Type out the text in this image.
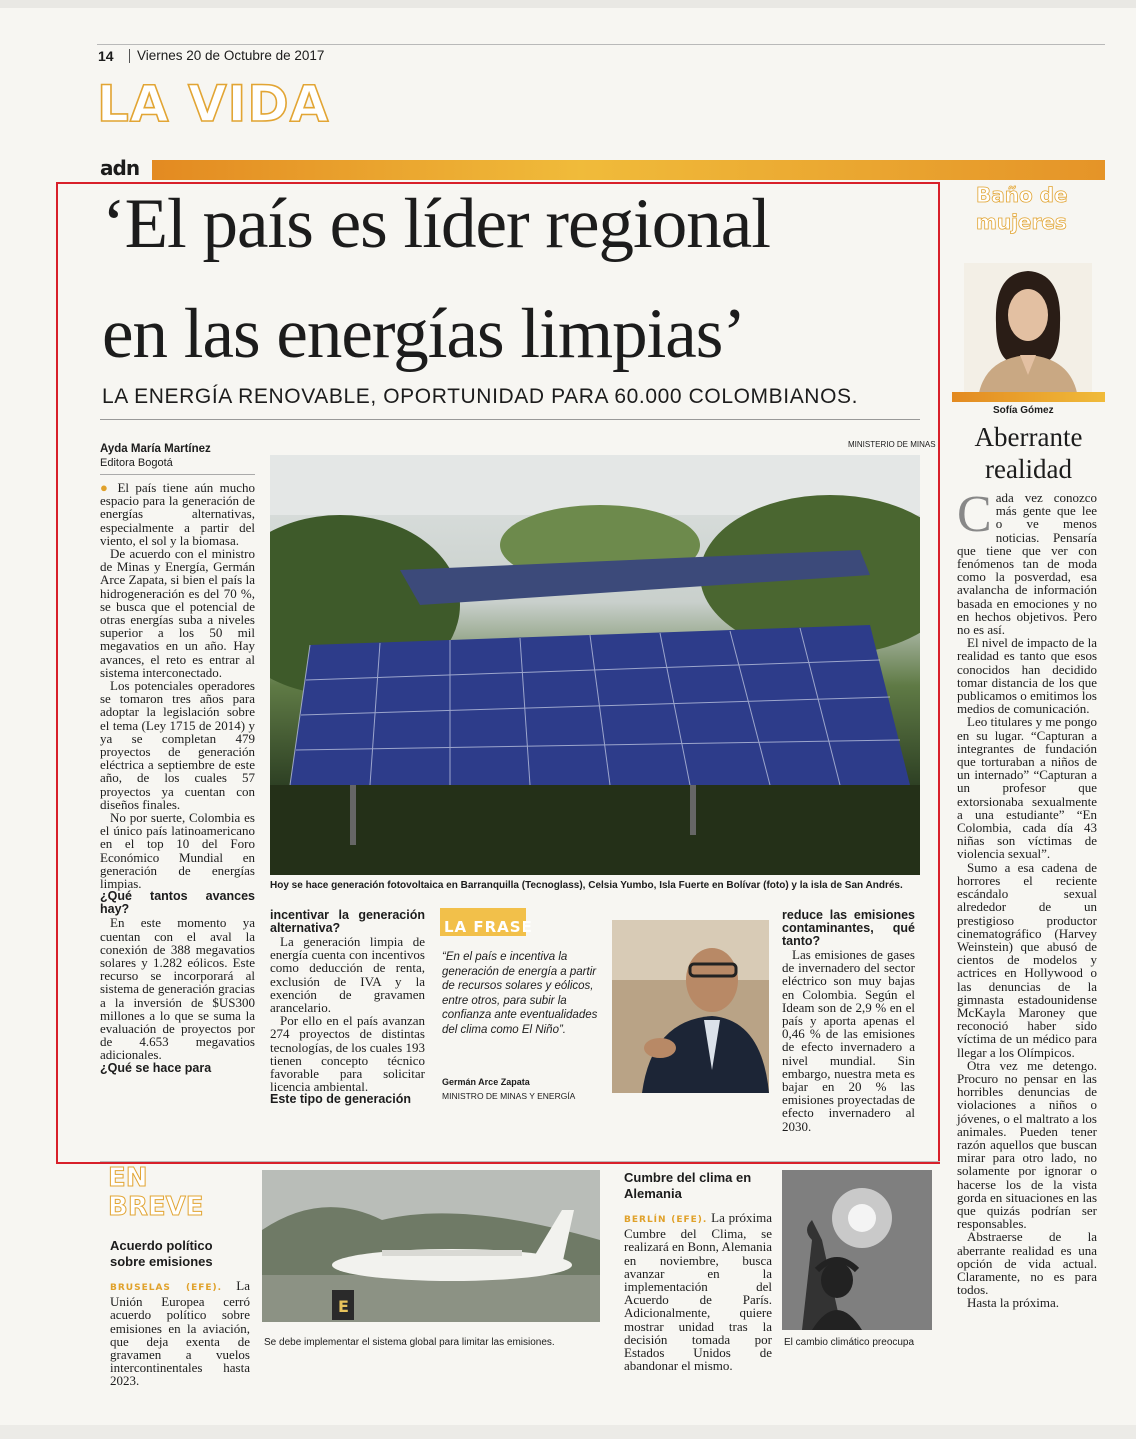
14 Viernes 20 de Octubre de 2017
LA VIDA
adn
‘El país es líder regional
en las energías limpias’
LA ENERGÍA RENOVABLE, OPORTUNIDAD PARA 60.000 COLOMBIANOS.
Ayda María Martínez
Editora Bogotá

● El país tiene aún mucho espacio para la generación de energías alternativas, especialmente a partir del viento, el sol y la biomasa.

De acuerdo con el ministro de Minas y Energía, Germán Arce Zapata, si bien el país la hidrogeneración es del 70 %, se busca que el potencial de otras energías suba a niveles superior a los 50 mil megavatios en un año. Hay avances, el reto es entrar al sistema interconectado.

Los potenciales operadores se tomaron tres años para adoptar la legislación sobre el tema (Ley 1715 de 2014) y ya se completan 479 proyectos de generación eléctrica a septiembre de este año, de los cuales 57 proyectos ya cuentan con diseños finales.

No por suerte, Colombia es el único país latinoamericano en el top 10 del Foro Económico Mundial en generación de energías limpias.

¿Qué tantos avances hay?

En este momento ya cuentan con el aval la conexión de 388 megavatios solares y 1.282 eólicos. Este recurso se incorporará al sistema de generación gracias a la inversión de $US300 millones a lo que se suma la evaluación de proyectos por de 4.653 megavatios adicionales.

¿Qué se hace para
MINISTERIO DE MINAS
Hoy se hace generación fotovoltaica en Barranquilla (Tecnoglass), Celsia Yumbo, Isla Fuerte en Bolívar (foto) y la isla de San Andrés.
incentivar la generación alternativa?

La generación limpia de energía cuenta con incentivos como deducción de renta, exclusión de IVA y la exención de gravamen arancelario.

Por ello en el país avanzan 274 proyectos de distintas tecnologías, de los cuales 193 tienen concepto técnico favorable para solicitar licencia ambiental.

Este tipo de generación
LA FRASE
“En el país e incentiva la generación de energía a partir de recursos solares y eólicos, entre otros, para subir la confianza ante eventualidades del clima como El Niño”.
Germán Arce Zapata
MINISTRO DE MINAS Y ENERGÍA
reduce las emisiones contaminantes, qué tanto?

Las emisiones de gases de invernadero del sector eléctrico son muy bajas en Colombia. Según el Ideam son de 2,9 % en el país y aporta apenas el 0,46 % de las emisiones de efecto invernadero a nivel mundial. Sin embargo, nuestra meta es bajar en 20 % las emisiones proyectadas de efecto invernadero al 2030.

Baño de
mujeres
Sofía Gómez
Aberrante
realidad

Cada vez conozco más gente que lee o ve menos noticias. Pensaría que tiene que ver con fenómenos tan de moda como la posverdad, esa avalancha de información basada en emociones y no en hechos objetivos. Pero no es así.

El nivel de impacto de la realidad es tanto que esos conocidos han decidido tomar distancia de los que publicamos o emitimos los medios de comunicación.

Leo titulares y me pongo en su lugar. “Capturan a integrantes de fundación que torturaban a niños de un internado” “Capturan a un profesor que extorsionaba sexualmente a una estudiante” “En Colombia, cada día 43 niñas son víctimas de violencia sexual”.

Sumo a esa cadena de horrores el reciente escándalo sexual alrededor de un prestigioso productor cinematográfico (Harvey Weinstein) que abusó de cientos de modelos y actrices en Hollywood o las denuncias de la gimnasta estadounidense McKayla Maroney que reconoció haber sido víctima de un médico para llegar a los Olímpicos.

Otra vez me detengo. Procuro no pensar en las horribles denuncias de violaciones a niños o jóvenes, o el maltrato a los animales. Pueden tener razón aquellos que buscan mirar para otro lado, no solamente por ignorar o hacerse los de la vista gorda en situaciones en las que quizás podrían ser responsables.

Abstraerse de la aberrante realidad es una opción de vida actual. Claramente, no es para todos.

Hasta la próxima.

EN
BREVE
Acuerdo político sobre emisiones

BRUSELAS (EFE). La Unión Europea cerró acuerdo político sobre emisiones en la aviación, que deja exenta de gravamen a vuelos intercontinentales hasta 2023.

E
Se debe implementar el sistema global para limitar las emisiones.
Cumbre del clima en Alemania

BERLÍN (EFE). La próxima Cumbre del Clima, se realizará en Bonn, Alemania en noviembre, busca avanzar en la implementación del Acuerdo de París. Adicionalmente, quiere mostrar unidad tras la decisión tomada por Estados Unidos de abandonar el mismo.

El cambio climático preocupa
